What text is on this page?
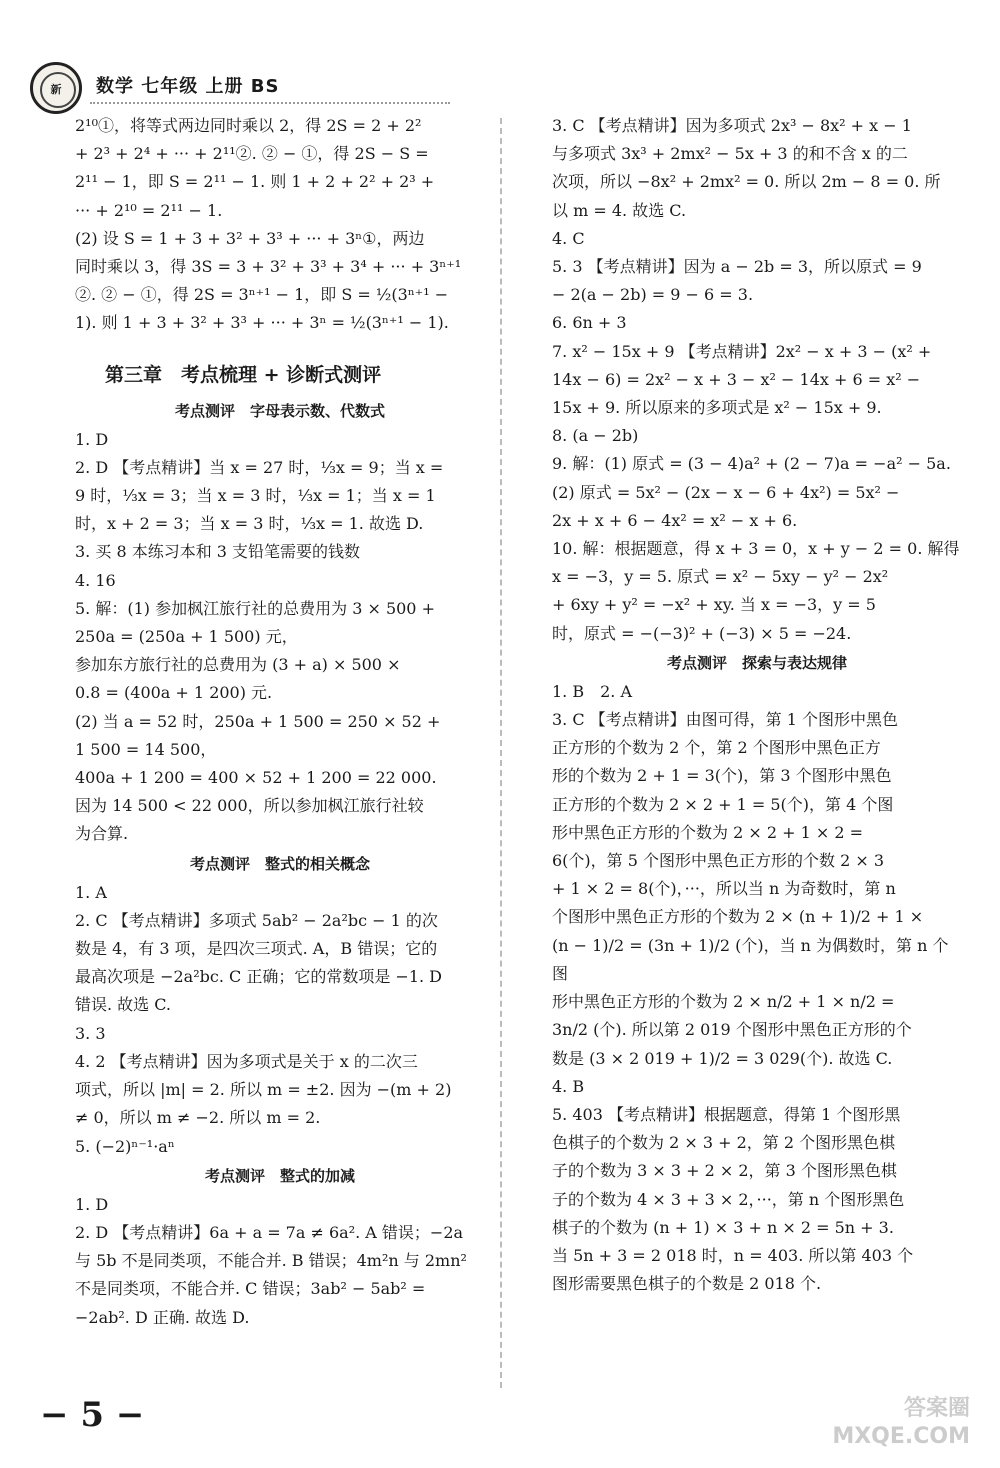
新	数学 七年级 上册 BS

2¹⁰①，将等式两边同时乘以 2，得 2S = 2 + 2²

+ 2³ + 2⁴ + ··· + 2¹¹②. ② − ①，得 2S − S =

2¹¹ − 1，即 S = 2¹¹ − 1. 则 1 + 2 + 2² + 2³ +

··· + 2¹⁰ = 2¹¹ − 1.

(2) 设 S = 1 + 3 + 3² + 3³ + ··· + 3ⁿ①，两边

同时乘以 3，得 3S = 3 + 3² + 3³ + 3⁴ + ··· + 3ⁿ⁺¹

②. ② − ①，得 2S = 3ⁿ⁺¹ − 1，即 S = ½(3ⁿ⁺¹ −

1). 则 1 + 3 + 3² + 3³ + ··· + 3ⁿ = ½(3ⁿ⁺¹ − 1).

第三章　考点梳理 + 诊断式测评

考点测评　字母表示数、代数式

1. D

2. D 【考点精讲】当 x = 27 时，⅓x = 9；当 x =

9 时，⅓x = 3；当 x = 3 时，⅓x = 1；当 x = 1

时，x + 2 = 3；当 x = 3 时，⅓x = 1. 故选 D.

3. 买 8 本练习本和 3 支铅笔需要的钱数

4. 16

5. 解：(1) 参加枫江旅行社的总费用为 3 × 500 +

250a = (250a + 1 500) 元，

参加东方旅行社的总费用为 (3 + a) × 500 ×

0.8 = (400a + 1 200) 元.

(2) 当 a = 52 时，250a + 1 500 = 250 × 52 +

1 500 = 14 500，

400a + 1 200 = 400 × 52 + 1 200 = 22 000.

因为 14 500 < 22 000，所以参加枫江旅行社较

为合算.

考点测评　整式的相关概念

1. A

2. C 【考点精讲】多项式 5ab² − 2a²bc − 1 的次

数是 4，有 3 项，是四次三项式. A，B 错误；它的

最高次项是 −2a²bc. C 正确；它的常数项是 −1. D

错误. 故选 C.

3. 3

4. 2 【考点精讲】因为多项式是关于 x 的二次三

项式，所以 |m| = 2. 所以 m = ±2. 因为 −(m + 2)

≠ 0，所以 m ≠ −2. 所以 m = 2.

5. (−2)ⁿ⁻¹·aⁿ

考点测评　整式的加减

1. D

2. D 【考点精讲】6a + a = 7a ≠ 6a². A 错误；−2a

与 5b 不是同类项，不能合并. B 错误；4m²n 与 2mn²

不是同类项，不能合并. C 错误；3ab² − 5ab² =

−2ab². D 正确. 故选 D.

3. C 【考点精讲】因为多项式 2x³ − 8x² + x − 1

与多项式 3x³ + 2mx² − 5x + 3 的和不含 x 的二

次项，所以 −8x² + 2mx² = 0. 所以 2m − 8 = 0. 所

以 m = 4. 故选 C.

4. C

5. 3 【考点精讲】因为 a − 2b = 3，所以原式 = 9

− 2(a − 2b) = 9 − 6 = 3.

6. 6n + 3

7. x² − 15x + 9 【考点精讲】2x² − x + 3 − (x² +

14x − 6) = 2x² − x + 3 − x² − 14x + 6 = x² −

15x + 9. 所以原来的多项式是 x² − 15x + 9.

8. (a − 2b)

9. 解：(1) 原式 = (3 − 4)a² + (2 − 7)a = −a² − 5a.

(2) 原式 = 5x² − (2x − x − 6 + 4x²) = 5x² −

2x + x + 6 − 4x² = x² − x + 6.

10. 解：根据题意，得 x + 3 = 0，x + y − 2 = 0. 解得

x = −3，y = 5. 原式 = x² − 5xy − y² − 2x²

+ 6xy + y² = −x² + xy. 当 x = −3，y = 5

时，原式 = −(−3)² + (−3) × 5 = −24.

考点测评　探索与表达规律

1. B　2. A

3. C 【考点精讲】由图可得，第 1 个图形中黑色

正方形的个数为 2 个，第 2 个图形中黑色正方

形的个数为 2 + 1 = 3(个)，第 3 个图形中黑色

正方形的个数为 2 × 2 + 1 = 5(个)，第 4 个图

形中黑色正方形的个数为 2 × 2 + 1 × 2 =

6(个)，第 5 个图形中黑色正方形的个数 2 × 3

+ 1 × 2 = 8(个)，···，所以当 n 为奇数时，第 n

个图形中黑色正方形的个数为 2 × (n + 1)/2 + 1 ×

(n − 1)/2 = (3n + 1)/2 (个)，当 n 为偶数时，第 n 个图

形中黑色正方形的个数为 2 × n/2 + 1 × n/2 =

3n/2 (个). 所以第 2 019 个图形中黑色正方形的个

数是 (3 × 2 019 + 1)/2 = 3 029(个). 故选 C.

4. B

5. 403 【考点精讲】根据题意，得第 1 个图形黑

色棋子的个数为 2 × 3 + 2，第 2 个图形黑色棋

子的个数为 3 × 3 + 2 × 2，第 3 个图形黑色棋

子的个数为 4 × 3 + 3 × 2，···，第 n 个图形黑色

棋子的个数为 (n + 1) × 3 + n × 2 = 5n + 3.

当 5n + 3 = 2 018 时，n = 403. 所以第 403 个

图形需要黑色棋子的个数是 2 018 个.

− 5 −	答案圈
MXQE.COM
